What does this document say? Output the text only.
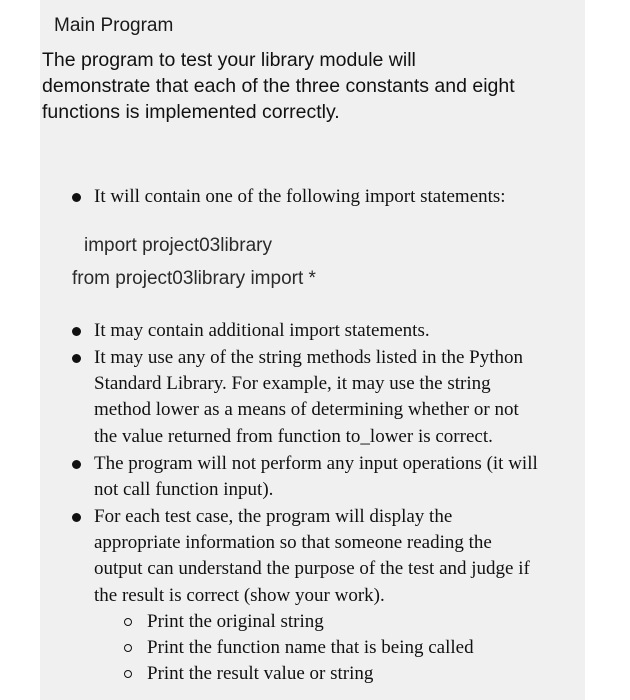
Main Program
The program to test your library module will
demonstrate that each of the three constants and eight
functions is implemented correctly.
It will contain one of the following import statements:
import project03library
from project03library import *
It may contain additional import statements.
It may use any of the string methods listed in the Python
Standard Library. For example, it may use the string
method lower as a means of determining whether or not
the value returned from function to_lower is correct.
The program will not perform any input operations (it will
not call function input).
For each test case, the program will display the
appropriate information so that someone reading the
output can understand the purpose of the test and judge if
the result is correct (show your work).
Print the original string
Print the function name that is being called
Print the result value or string
